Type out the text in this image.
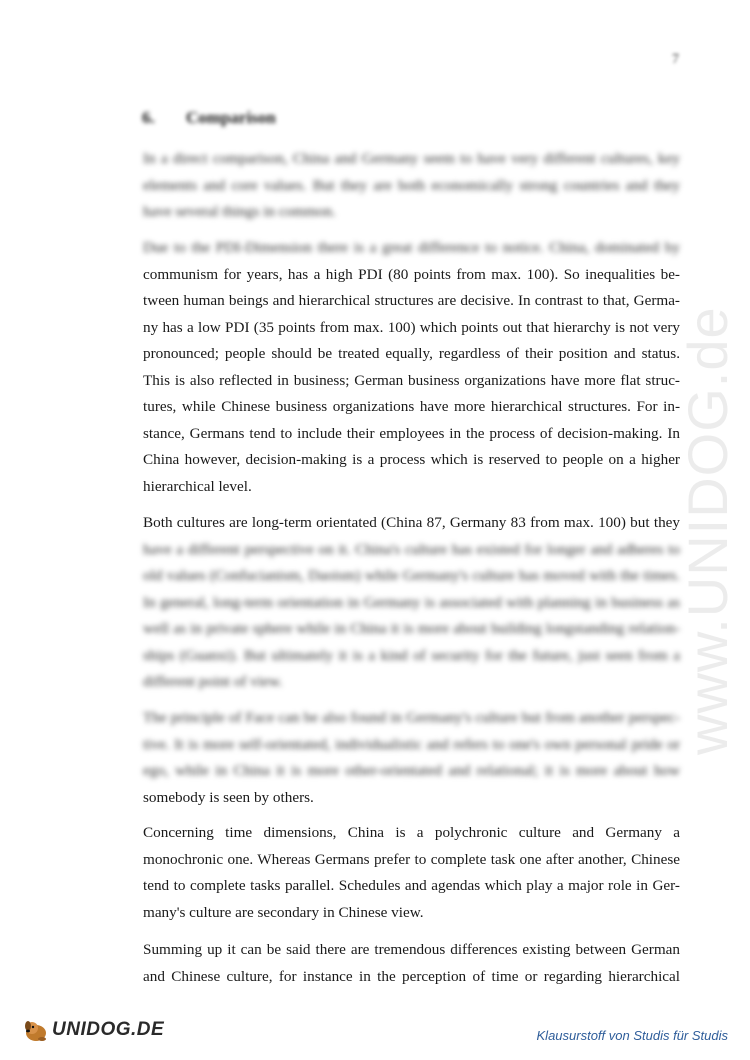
7
6. Comparison
In a direct comparison, China and Germany seem to have very different cultures, key
elements and core values. But they are both economically strong countries and they
have several things in common.
Due to the PDI-Dimension there is a great difference to notice. China, dominated by
communism for years, has a high PDI (80 points from max. 100). So inequalities be-
tween human beings and hierarchical structures are decisive. In contrast to that, Germa-
ny has a low PDI (35 points from max. 100) which points out that hierarchy is not very
pronounced; people should be treated equally, regardless of their position and status.
This is also reflected in business; German business organizations have more flat struc-
tures, while Chinese business organizations have more hierarchical structures. For in-
stance, Germans tend to include their employees in the process of decision-making. In
China however, decision-making is a process which is reserved to people on a higher
hierarchical level.
Both cultures are long-term orientated (China 87, Germany 83 from max. 100) but they
have a different perspective on it. China's culture has existed for longer and adheres to
old values (Confucianism, Daoism) while Germany's culture has moved with the times.
In general, long-term orientation in Germany is associated with planning in business as
well as in private sphere while in China it is more about building longstanding relation-
ships (Guanxi). But ultimately it is a kind of security for the future, just seen from a
different point of view.
The principle of Face can be also found in Germany's culture but from another perspec-
tive. It is more self-orientated, individualistic and refers to one's own personal pride or
ego, while in China it is more other-orientated and relational; it is more about how
somebody is seen by others.
Concerning time dimensions, China is a polychronic culture and Germany a
monochronic one. Whereas Germans prefer to complete task one after another, Chinese
tend to complete tasks parallel. Schedules and agendas which play a major role in Ger-
many's culture are secondary in Chinese view.
Summing up it can be said there are tremendous differences existing between German
and Chinese culture, for instance in the perception of time or regarding hierarchical
www.UNIDOG.de
UNIDOG.DE	Klausurstoff von Studis für Studis
